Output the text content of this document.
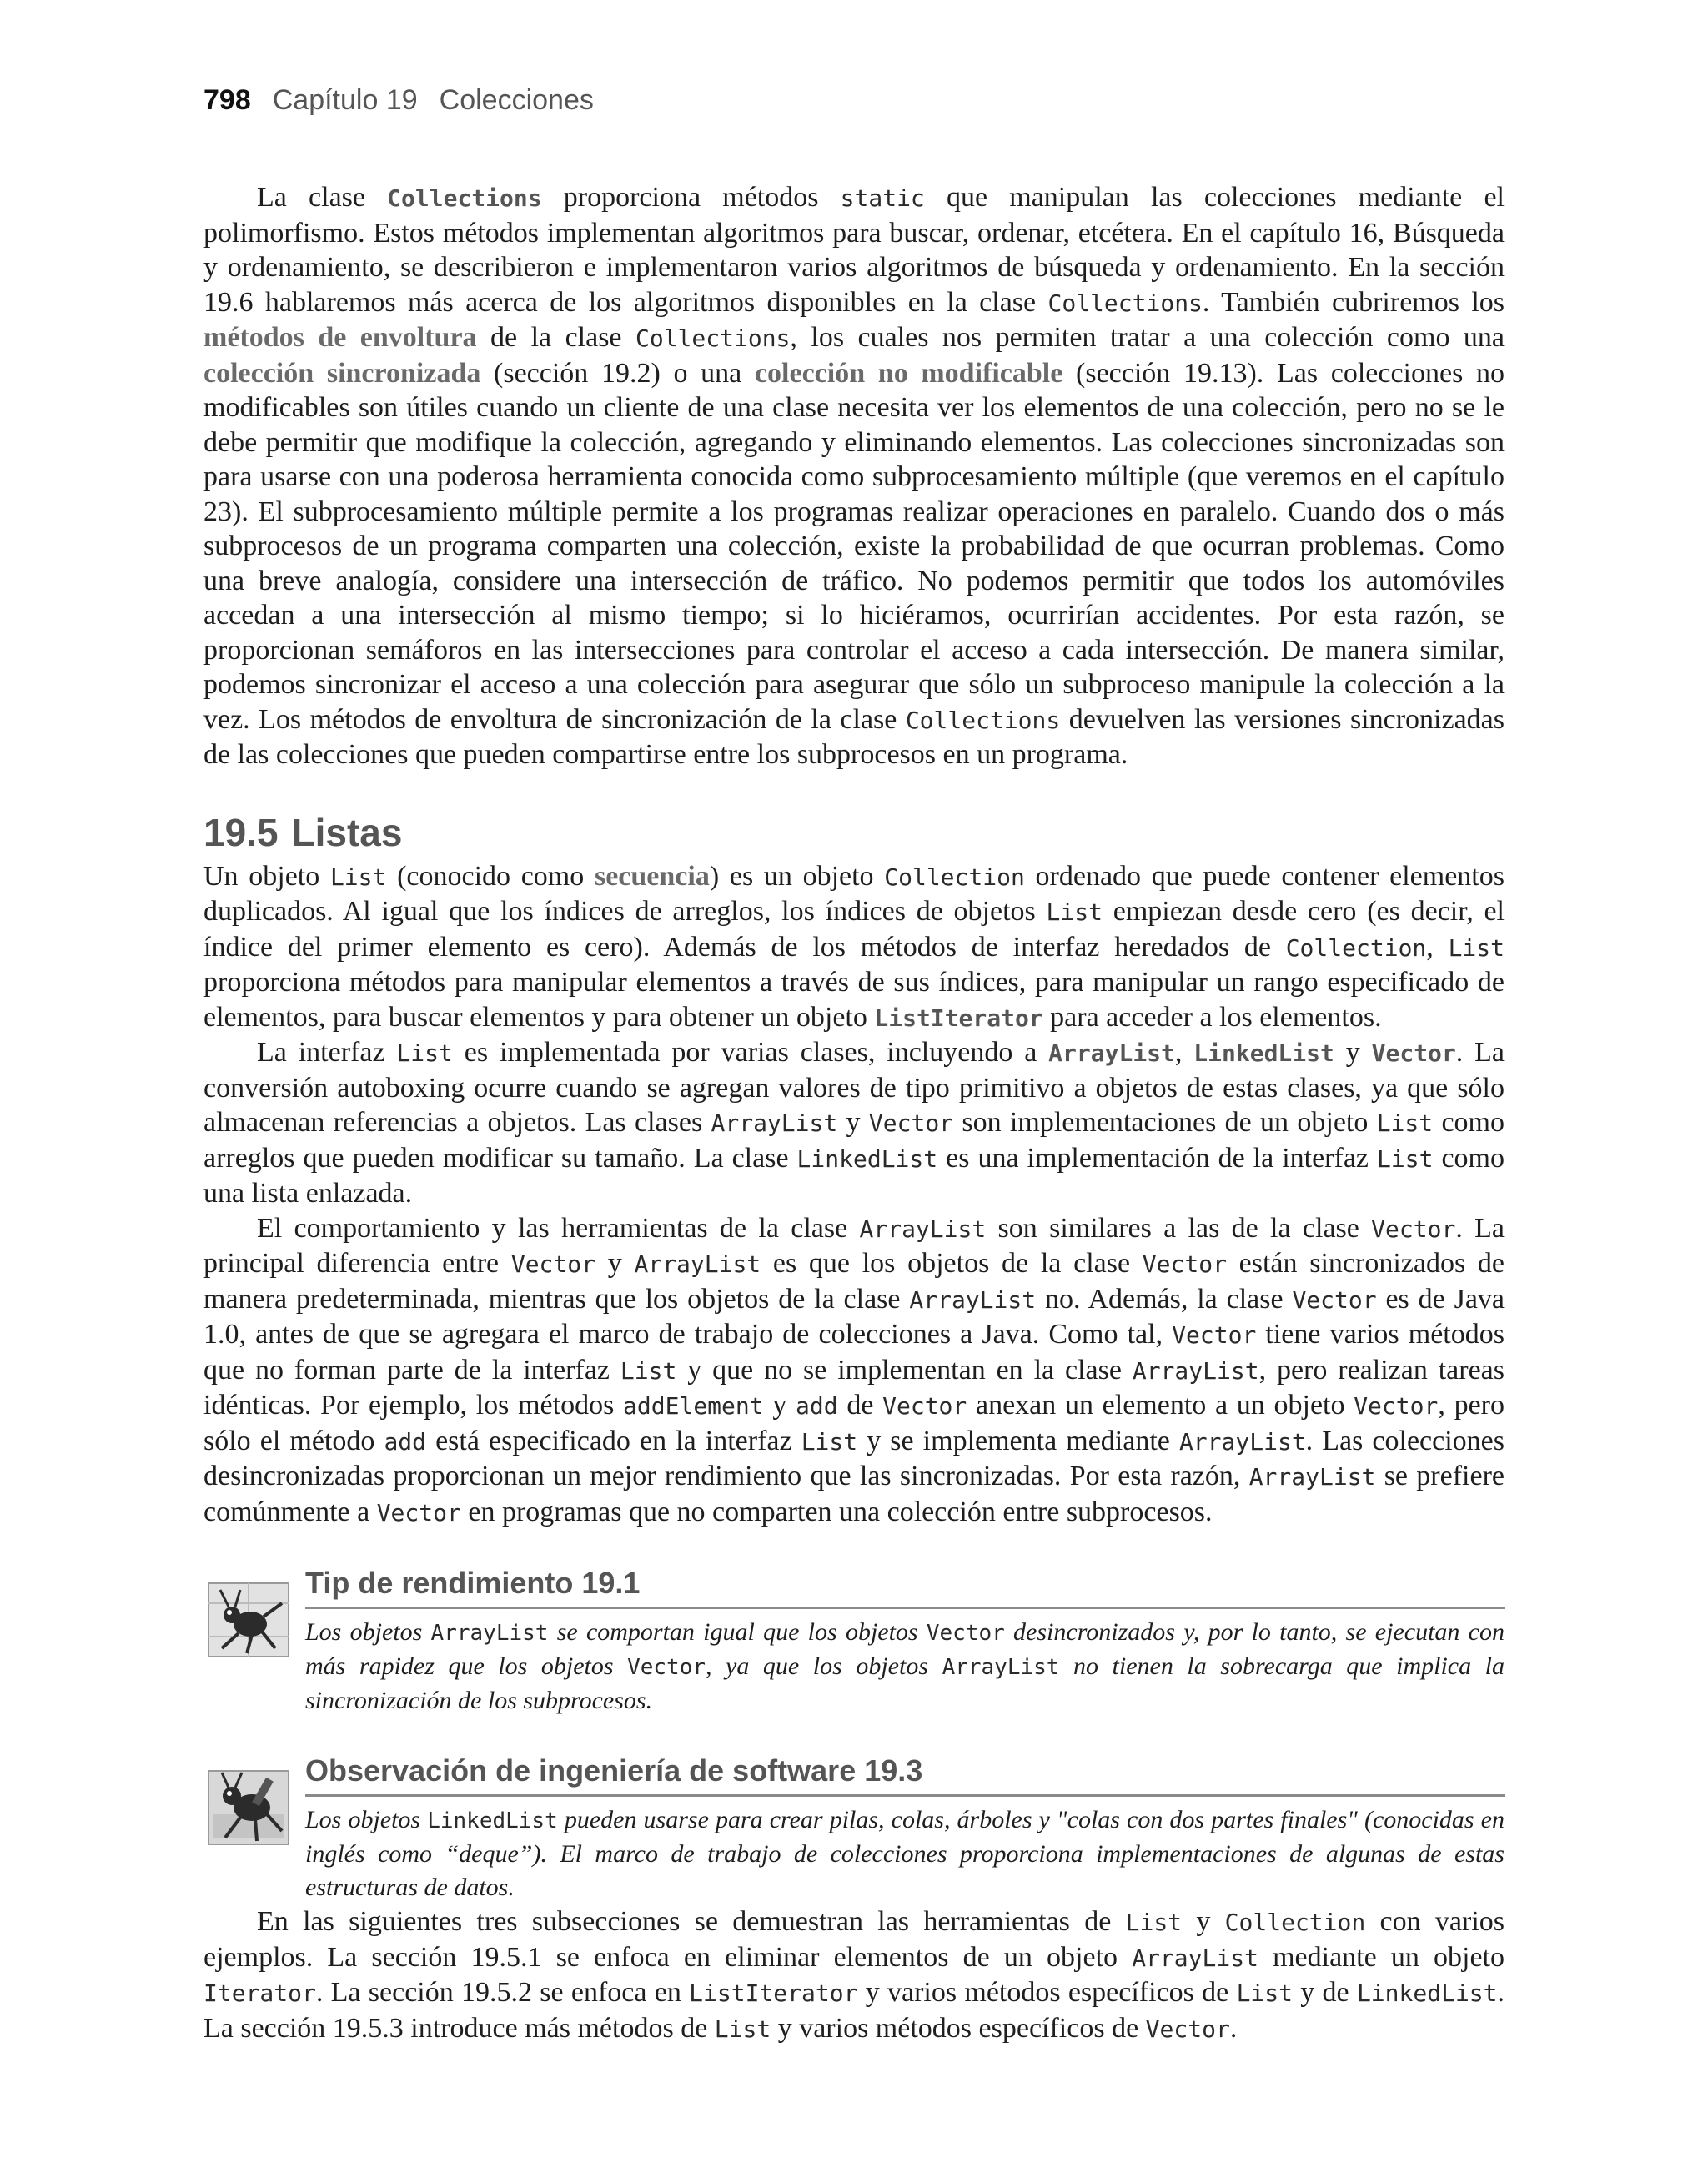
798 Capítulo 19 Colecciones

La clase Collections proporciona métodos static que manipulan las colecciones mediante el polimorfismo. Estos métodos implementan algoritmos para buscar, ordenar, etcétera. En el capítulo 16, Búsqueda y ordenamiento, se describieron e implementaron varios algoritmos de búsqueda y ordenamiento. En la sección 19.6 hablaremos más acerca de los algoritmos disponibles en la clase Collections. También cubriremos los métodos de envoltura de la clase Collections, los cuales nos permiten tratar a una colección como una colección sincronizada (sección 19.2) o una colección no modificable (sección 19.13). Las colecciones no modificables son útiles cuando un cliente de una clase necesita ver los elementos de una colección, pero no se le debe permitir que modifique la colección, agregando y eliminando elementos. Las colecciones sincronizadas son para usarse con una poderosa herramienta conocida como subprocesamiento múltiple (que veremos en el capítulo 23). El subprocesamiento múltiple permite a los programas realizar operaciones en paralelo. Cuando dos o más subprocesos de un programa comparten una colección, existe la probabilidad de que ocurran problemas. Como una breve analogía, considere una intersección de tráfico. No podemos permitir que todos los automóviles accedan a una intersección al mismo tiempo; si lo hiciéramos, ocurrirían accidentes. Por esta razón, se proporcionan semáforos en las intersecciones para controlar el acceso a cada intersección. De manera similar, podemos sincronizar el acceso a una colección para asegurar que sólo un subproceso manipule la colección a la vez. Los métodos de envoltura de sincronización de la clase Collections devuelven las versiones sincronizadas de las colecciones que pueden compartirse entre los subprocesos en un programa.

19.5 Listas

Un objeto List (conocido como secuencia) es un objeto Collection ordenado que puede contener elementos duplicados. Al igual que los índices de arreglos, los índices de objetos List empiezan desde cero (es decir, el índice del primer elemento es cero). Además de los métodos de interfaz heredados de Collection, List proporciona métodos para manipular elementos a través de sus índices, para manipular un rango especificado de elementos, para buscar elementos y para obtener un objeto ListIterator para acceder a los elementos.

La interfaz List es implementada por varias clases, incluyendo a ArrayList, LinkedList y Vector. La conversión autoboxing ocurre cuando se agregan valores de tipo primitivo a objetos de estas clases, ya que sólo almacenan referencias a objetos. Las clases ArrayList y Vector son implementaciones de un objeto List como arreglos que pueden modificar su tamaño. La clase LinkedList es una implementación de la interfaz List como una lista enlazada.

El comportamiento y las herramientas de la clase ArrayList son similares a las de la clase Vector. La principal diferencia entre Vector y ArrayList es que los objetos de la clase Vector están sincronizados de manera predeterminada, mientras que los objetos de la clase ArrayList no. Además, la clase Vector es de Java 1.0, antes de que se agregara el marco de trabajo de colecciones a Java. Como tal, Vector tiene varios métodos que no forman parte de la interfaz List y que no se implementan en la clase ArrayList, pero realizan tareas idénticas. Por ejemplo, los métodos addElement y add de Vector anexan un elemento a un objeto Vector, pero sólo el método add está especificado en la interfaz List y se implementa mediante ArrayList. Las colecciones desincronizadas proporcionan un mejor rendimiento que las sincronizadas. Por esta razón, ArrayList se prefiere comúnmente a Vector en programas que no comparten una colección entre subprocesos.

Tip de rendimiento 19.1

Los objetos ArrayList se comportan igual que los objetos Vector desincronizados y, por lo tanto, se ejecutan con más rapidez que los objetos Vector, ya que los objetos ArrayList no tienen la sobrecarga que implica la sincronización de los subprocesos.

Observación de ingeniería de software 19.3

Los objetos LinkedList pueden usarse para crear pilas, colas, árboles y "colas con dos partes finales" (conocidas en inglés como “deque”). El marco de trabajo de colecciones proporciona implementaciones de algunas de estas estructuras de datos.

En las siguientes tres subsecciones se demuestran las herramientas de List y Collection con varios ejemplos. La sección 19.5.1 se enfoca en eliminar elementos de un objeto ArrayList mediante un objeto Iterator. La sección 19.5.2 se enfoca en ListIterator y varios métodos específicos de List y de LinkedList. La sección 19.5.3 introduce más métodos de List y varios métodos específicos de Vector.
